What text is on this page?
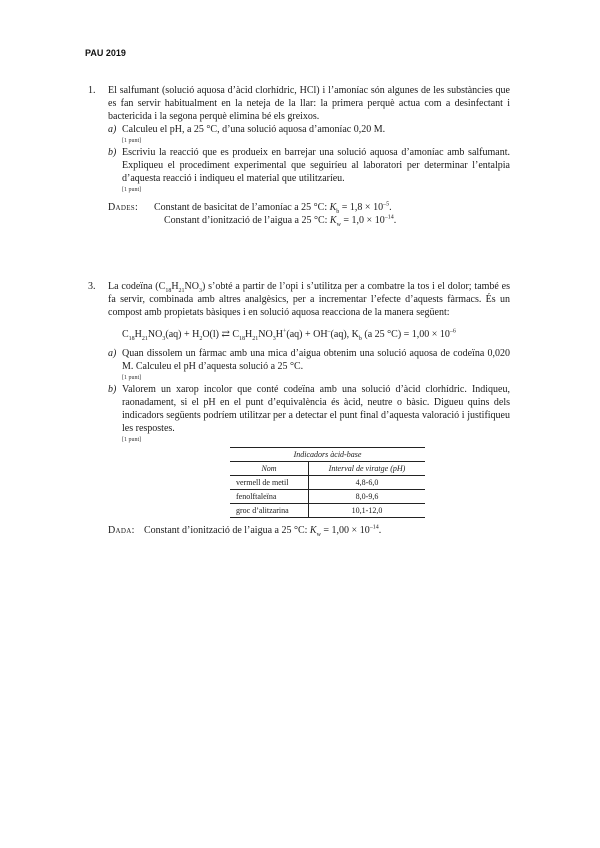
PAU 2019
1.	El salfumant (solució aquosa d’àcid clorhídric, HCl) i l’amoníac són algunes de les substàncies que es fan servir habitualment en la neteja de la llar: la primera perquè actua com a desinfectant i bactericida i la segona perquè elimina bé els greixos.
a) Calculeu el pH, a 25 °C, d’una solució aquosa d’amoníac 0,20 M.
[1 punt]
b) Escriviu la reacció que es produeix en barrejar una solució aquosa d’amoníac amb salfumant. Expliqueu el procediment experimental que seguiríeu al laboratori per determinar l’entalpia d’aquesta reacció i indiqueu el material que utilitzaríeu.
[1 punt]
Dades: Constant de basicitat de l’amoníac a 25 °C: $K_b = 1,8 \times 10^{-5}$.
Constant d’ionització de l’aigua a 25 °C: $K_w = 1,0 \times 10^{-14}$.
3.	La codeïna $(C_{18}H_{21}NO_3)$ s’obté a partir de l’opi i s’utilitza per a combatre la tos i el dolor; també es fa servir, combinada amb altres analgèsics, per a incrementar l’efecte d’aquests fàrmacs. És un compost amb propietats bàsiques i en solució aquosa reacciona de la manera següent:
$C_{18}H_{21}NO_3(aq) + H_2O(l)$ ⇄ $C_{18}H_{21}NO_3H^+(aq) + OH^-(aq)$, $K_b$ (a 25 $^\circ C) = 1,00 \times 10^{-6}$
a) Quan dissolem un fàrmac amb una mica d’aigua obtenim una solució aquosa de codeïna 0,020 M. Calculeu el pH d’aquesta solució a 25 °C.
[1 punt]
b) Valorem un xarop incolor que conté codeïna amb una solució d’àcid clorhídric. Indiqueu, raonadament, si el pH en el punt d’equivalència és àcid, neutre o bàsic. Digueu quins dels indicadors següents podríem utilitzar per a detectar el punt final d’aquesta valoració i justifiqueu les respostes.
[1 punt]
Indicadors àcid-base	
Nom	Interval de viratge (pH)
vermell de metil	4,8-6,0
fenolftaleïna	8,0-9,6
groc d’alitzarina	10,1-12,0
Dada: Constant d’ionització de l’aigua a 25 °C: $K_w = 1,00 \times 10^{-14}$.
